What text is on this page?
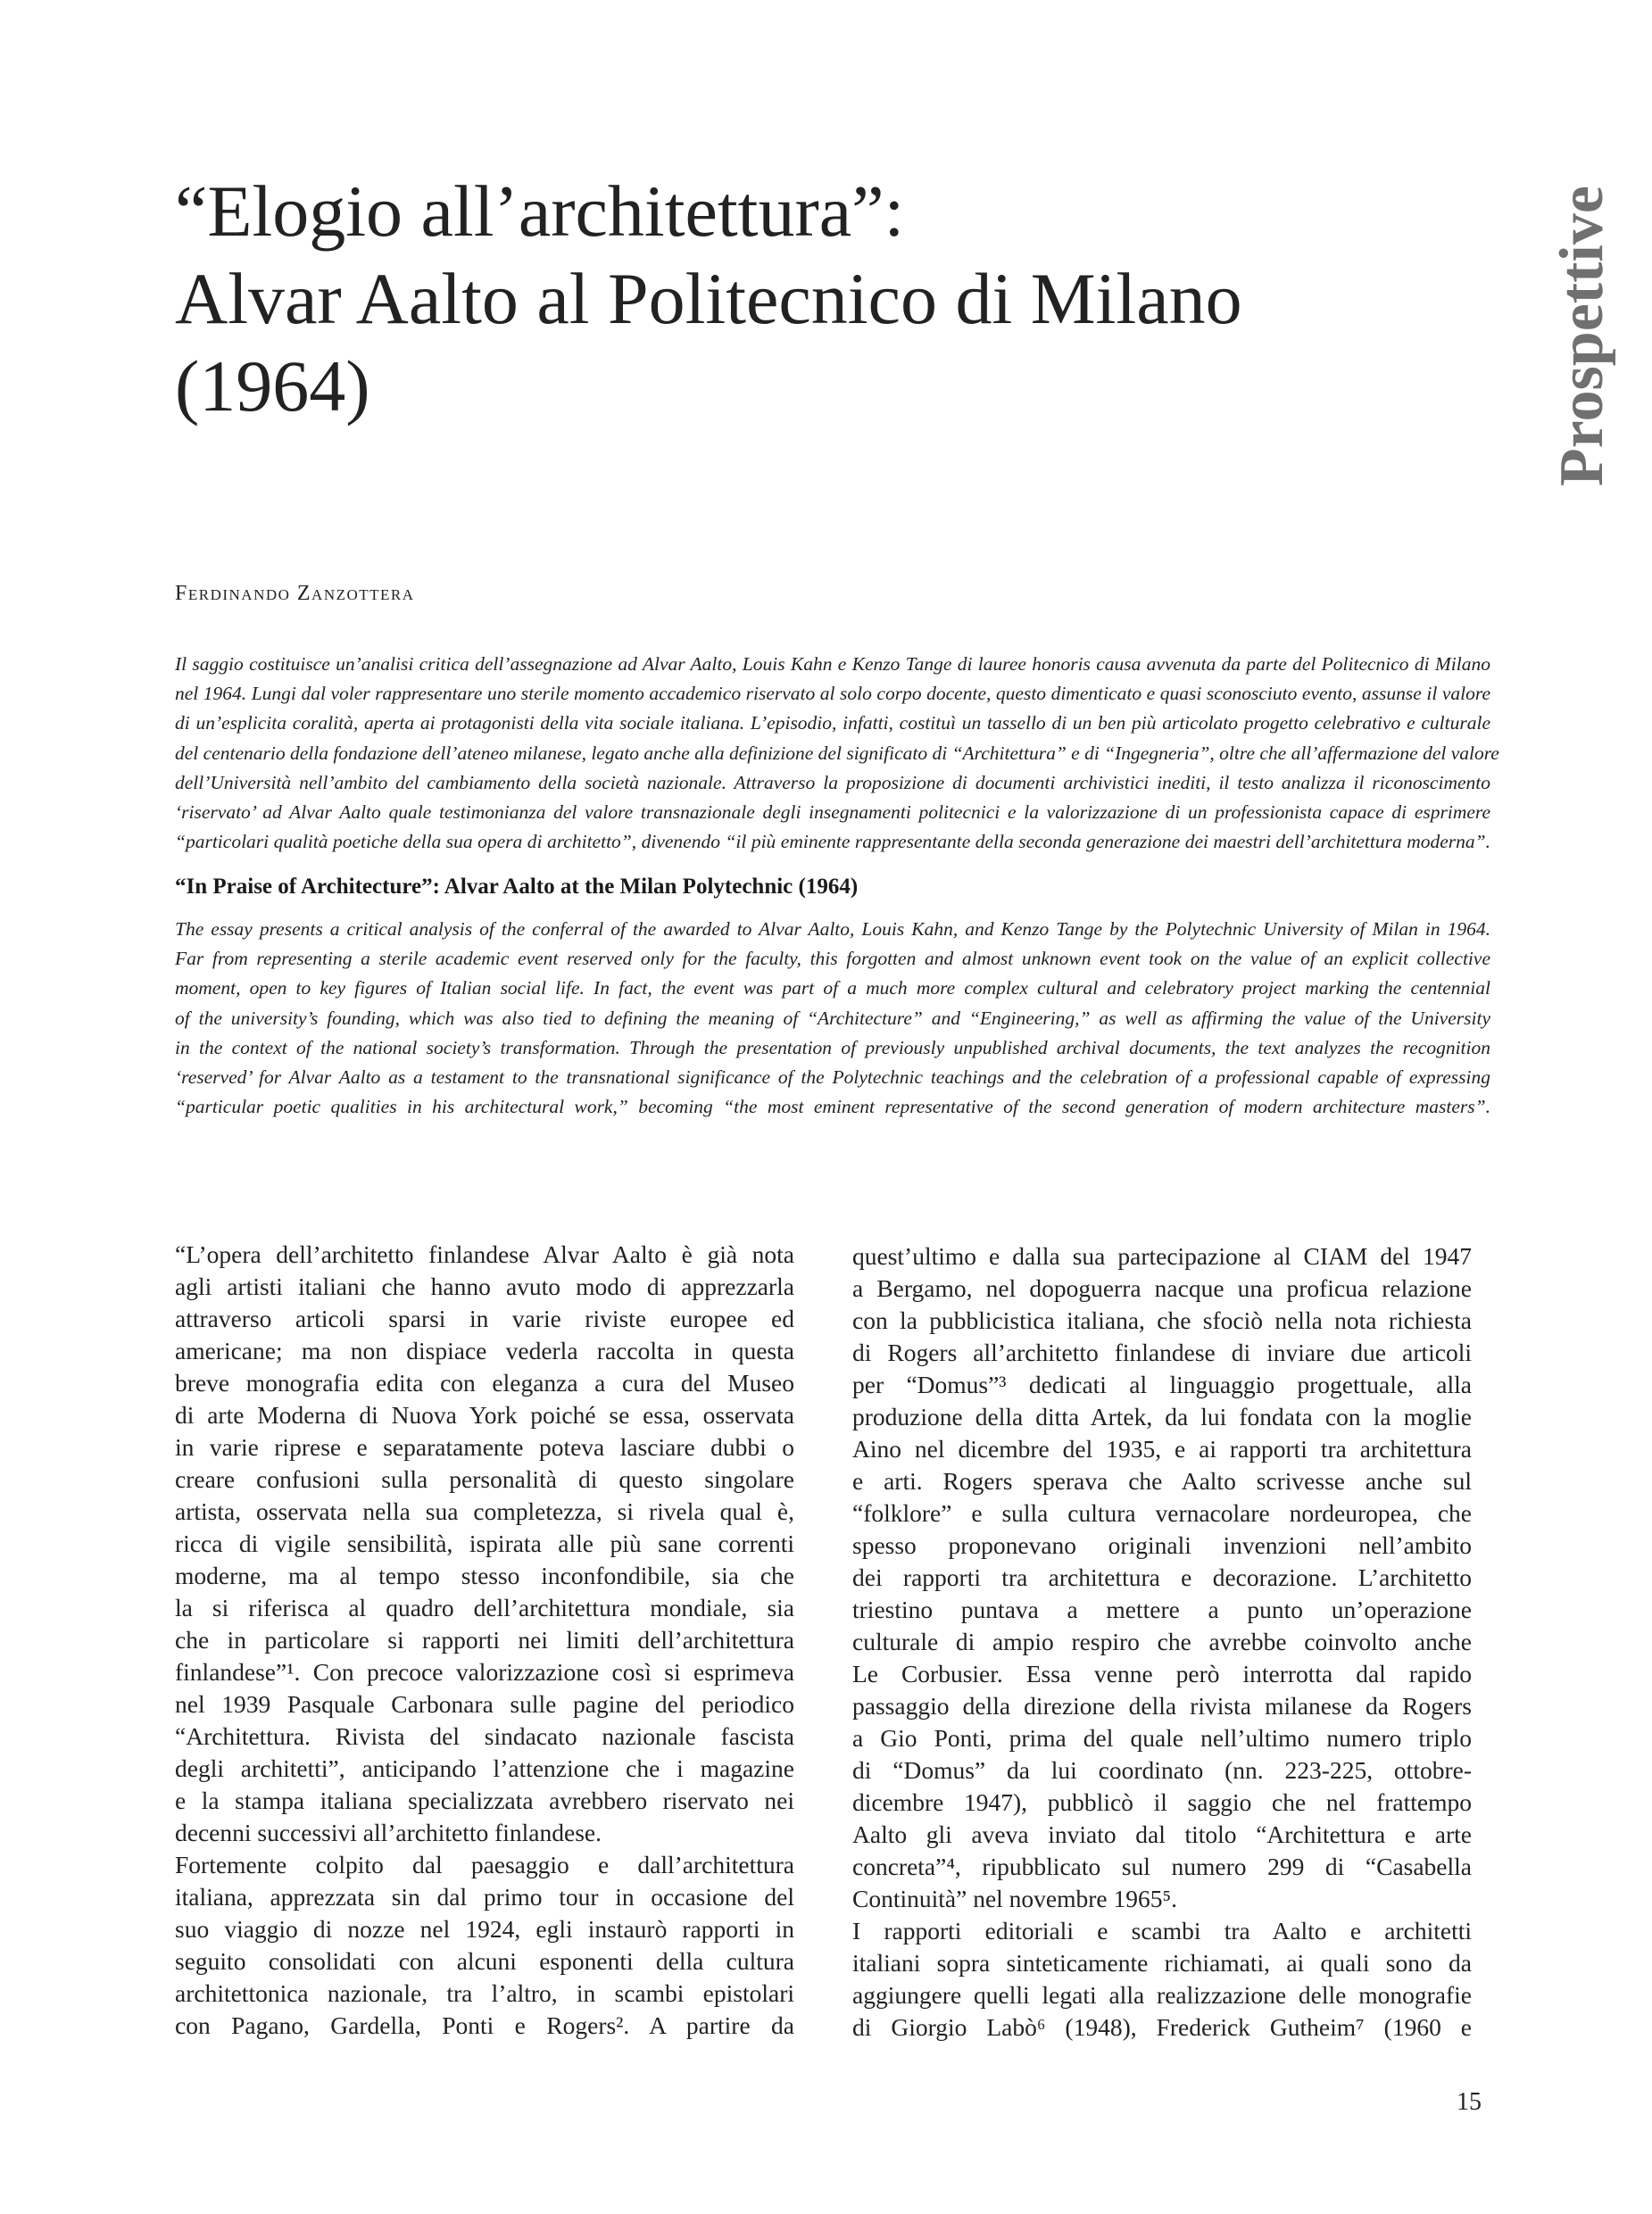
“Elogio all’architettura”:
Alvar Aalto al Politecnico di Milano
(1964)	Prospettive
Ferdinando Zanzottera
Il saggio costituisce un’analisi critica dell’assegnazione ad Alvar Aalto, Louis Kahn e Kenzo Tange di lauree honoris causa avvenuta da parte del Politecnico di Milano
nel 1964. Lungi dal voler rappresentare uno sterile momento accademico riservato al solo corpo docente, questo dimenticato e quasi sconosciuto evento, assunse il valore
di un’esplicita coralità, aperta ai protagonisti della vita sociale italiana. L’episodio, infatti, costituì un tassello di un ben più articolato progetto celebrativo e culturale
del centenario della fondazione dell’ateneo milanese, legato anche alla definizione del significato di “Architettura” e di “Ingegneria”, oltre che all’affermazione del valore
dell’Università nell’ambito del cambiamento della società nazionale. Attraverso la proposizione di documenti archivistici inediti, il testo analizza il riconoscimento
‘riservato’ ad Alvar Aalto quale testimonianza del valore transnazionale degli insegnamenti politecnici e la valorizzazione di un professionista capace di esprimere
“particolari qualità poetiche della sua opera di architetto”, divenendo “il più eminente rappresentante della seconda generazione dei maestri dell’architettura moderna”.
“In Praise of Architecture”: Alvar Aalto at the Milan Polytechnic (1964)
The essay presents a critical analysis of the conferral of the awarded to Alvar Aalto, Louis Kahn, and Kenzo Tange by the Polytechnic University of Milan in 1964.
Far from representing a sterile academic event reserved only for the faculty, this forgotten and almost unknown event took on the value of an explicit collective
moment, open to key figures of Italian social life. In fact, the event was part of a much more complex cultural and celebratory project marking the centennial
of the university’s founding, which was also tied to defining the meaning of “Architecture” and “Engineering,” as well as affirming the value of the University
in the context of the national society’s transformation. Through the presentation of previously unpublished archival documents, the text analyzes the recognition
‘reserved’ for Alvar Aalto as a testament to the transnational significance of the Polytechnic teachings and the celebration of a professional capable of expressing
“particular poetic qualities in his architectural work,” becoming “the most eminent representative of the second generation of modern architecture masters”.
“L’opera dell’architetto finlandese Alvar Aalto è già nota
agli artisti italiani che hanno avuto modo di apprezzarla
attraverso articoli sparsi in varie riviste europee ed
americane; ma non dispiace vederla raccolta in questa
breve monografia edita con eleganza a cura del Museo
di arte Moderna di Nuova York poiché se essa, osservata
in varie riprese e separatamente poteva lasciare dubbi o
creare confusioni sulla personalità di questo singolare
artista, osservata nella sua completezza, si rivela qual è,
ricca di vigile sensibilità, ispirata alle più sane correnti
moderne, ma al tempo stesso inconfondibile, sia che
la si riferisca al quadro dell’architettura mondiale, sia
che in particolare si rapporti nei limiti dell’architettura
finlandese”¹. Con precoce valorizzazione così si esprimeva
nel 1939 Pasquale Carbonara sulle pagine del periodico
“Architettura. Rivista del sindacato nazionale fascista
degli architetti”, anticipando l’attenzione che i magazine
e la stampa italiana specializzata avrebbero riservato nei
decenni successivi all’architetto finlandese.
Fortemente colpito dal paesaggio e dall’architettura
italiana, apprezzata sin dal primo tour in occasione del
suo viaggio di nozze nel 1924, egli instaurò rapporti in
seguito consolidati con alcuni esponenti della cultura
architettonica nazionale, tra l’altro, in scambi epistolari
con Pagano, Gardella, Ponti e Rogers². A partire da
quest’ultimo e dalla sua partecipazione al CIAM del 1947
a Bergamo, nel dopoguerra nacque una proficua relazione
con la pubblicistica italiana, che sfociò nella nota richiesta
di Rogers all’architetto finlandese di inviare due articoli
per “Domus”³ dedicati al linguaggio progettuale, alla
produzione della ditta Artek, da lui fondata con la moglie
Aino nel dicembre del 1935, e ai rapporti tra architettura
e arti. Rogers sperava che Aalto scrivesse anche sul
“folklore” e sulla cultura vernacolare nordeuropea, che
spesso proponevano originali invenzioni nell’ambito
dei rapporti tra architettura e decorazione. L’architetto
triestino puntava a mettere a punto un’operazione
culturale di ampio respiro che avrebbe coinvolto anche
Le Corbusier. Essa venne però interrotta dal rapido
passaggio della direzione della rivista milanese da Rogers
a Gio Ponti, prima del quale nell’ultimo numero triplo
di “Domus” da lui coordinato (nn. 223-225, ottobre-
dicembre 1947), pubblicò il saggio che nel frattempo
Aalto gli aveva inviato dal titolo “Architettura e arte
concreta”⁴, ripubblicato sul numero 299 di “Casabella
Continuità” nel novembre 1965⁵.
I rapporti editoriali e scambi tra Aalto e architetti
italiani sopra sinteticamente richiamati, ai quali sono da
aggiungere quelli legati alla realizzazione delle monografie
di Giorgio Labò⁶ (1948), Frederick Gutheim⁷ (1960 e
15
